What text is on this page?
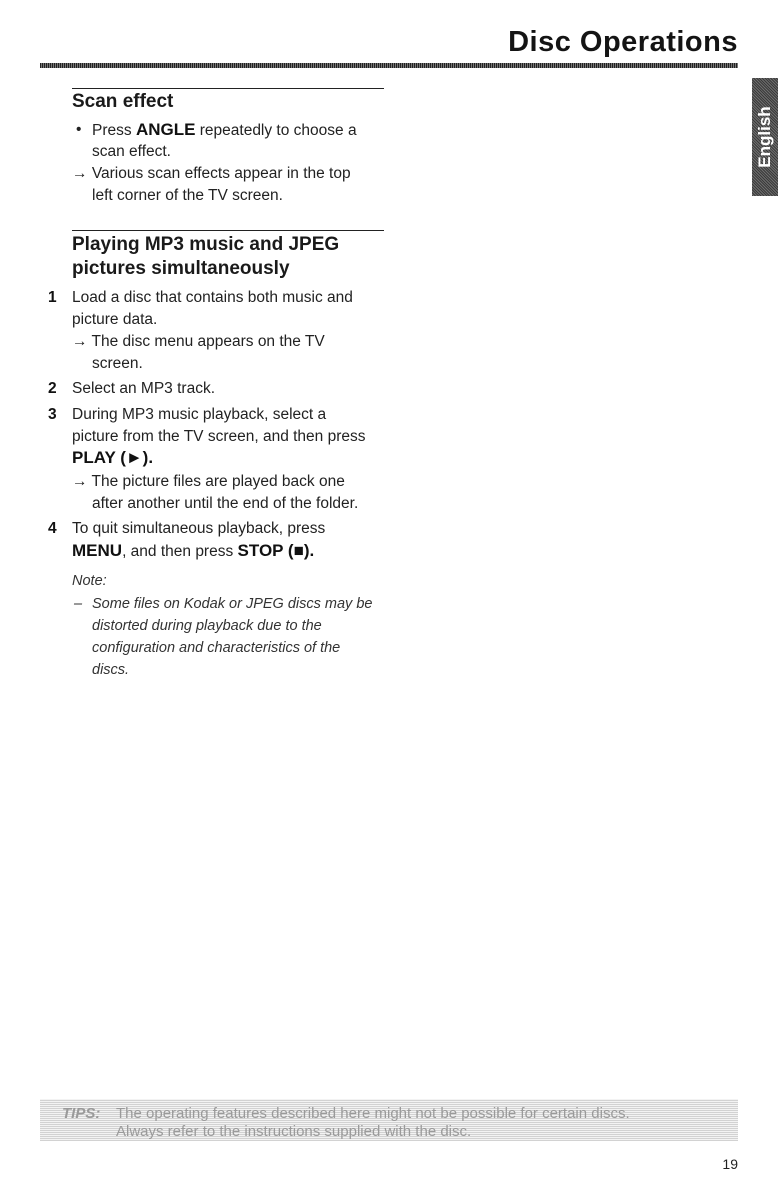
Disc Operations
English
Scan effect
• Press ANGLE repeatedly to choose a
scan effect.
→ Various scan effects appear in the top
left corner of the TV screen.
Playing MP3 music and JPEG
pictures simultaneously
1 Load a disc that contains both music and
picture data.
→ The disc menu appears on the TV
screen.
2 Select an MP3 track.
3 During MP3 music playback, select a
picture from the TV screen, and then press
PLAY (►).
→ The picture files are played back one
after another until the end of the folder.
4 To quit simultaneous playback, press
MENU, and then press STOP (■).
Note:
– Some files on Kodak or JPEG discs may be
distorted during playback due to the
configuration and characteristics of the
discs.
TIPS: The operating features described here might not be possible for certain discs.
Always refer to the instructions supplied with the disc.
19
